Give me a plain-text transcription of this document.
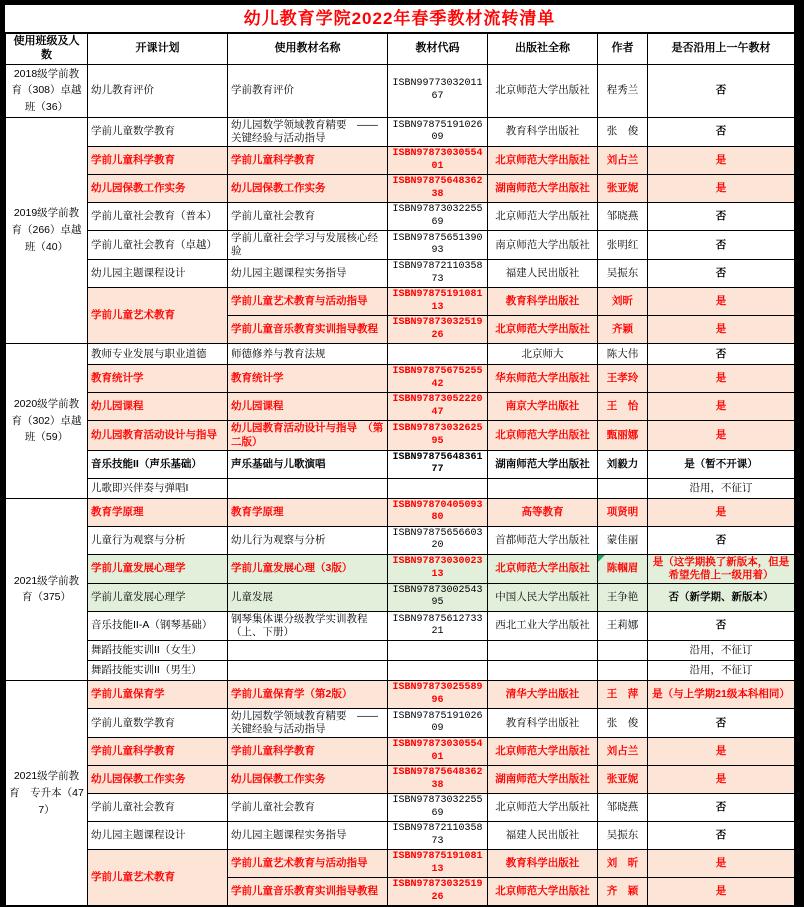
幼儿教育学院2022年春季教材流转清单
使用班级及人数	开课计划	使用教材名称	教材代码	出版社全称	作者	是否沿用上一午教材
2018级学前教育（308）卓越班（36）	幼儿教育评价	学前教育评价	ISBN9977303201167	北京师范大学出版社	程秀兰	否
2019级学前教育（266）卓越班（40）	学前儿童数学教育	幼儿园数学领域教育精要　——关键经验与活动指导	ISBN9787519102609	教育科学出版社	张　俊	否
	学前儿童科学教育	学前儿童科学教育	ISBN9787303055401	北京师范大学出版社	刘占兰	是
	幼儿园保教工作实务	幼儿园保教工作实务	ISBN9787564836238	湖南师范大学出版社	张亚妮	是
	学前儿童社会教育（普本）	学前儿童社会教育	ISBN9787303225569	北京师范大学出版社	邹晓燕	否
	学前儿童社会教育（卓越）	学前儿童社会学习与发展核心经验	ISBN9787565139093	南京师范大学出版社	张明红	否
	幼儿园主题课程设计	幼儿园主题课程实务指导	ISBN9787211035873	福建人民出版社	吴振东	否
	学前儿童艺术教育	学前儿童艺术教育与活动指导	ISBN9787519108113	教育科学出版社	刘昕	是
		学前儿童音乐教育实训指导教程	ISBN9787303251926	北京师范大学出版社	齐颖	是
2020级学前教育（302）卓越班（59）	教师专业发展与职业道德	师德修养与教育法规		北京师大	陈大伟	否
	教育统计学	教育统计学	ISBN9787567525542	华东师范大学出版社	王孝玲	是
	幼儿园课程	幼儿园课程	ISBN9787305222047	南京大学出版社	王　怡	是
	幼儿园教育活动设计与指导	幼儿园教育活动设计与指导　（第二版）	ISBN9787303262595	北京师范大学出版社	甄丽娜	是
	音乐技能II（声乐基础）	声乐基础与儿歌演唱	ISBN9787564836177	湖南师范大学出版社	刘毅力	是（暂不开课）
	儿歌即兴伴奏与弹唱I					沿用，不征订
2021级学前教育（375）	教育学原理	教育学原理	ISBN9787040509380	高等教育	项贤明	是
	儿童行为观察与分析	幼儿行为观察与分析	ISBN9787565660320	首都师范大学出版社	蒙佳丽	否
	学前儿童发展心理学	学前儿童发展心理（3版）	ISBN9787303002313	北京师范大学出版社	陈帼眉	是（这学期换了新版本，但是希望先借上一级用着）
	学前儿童发展心理学	儿童发展	ISBN9787300254395	中国人民大学出版社	王争艳	否（新学期、新版本）
	音乐技能II-A（钢琴基础）	钢琴集体课分级教学实训教程　（上、下册）	ISBN9787561273321	西北工业大学出版社	王莉娜	否
	舞蹈技能实训II（女生）					沿用，不征订
	舞蹈技能实训II（男生）					沿用，不征订
2021级学前教育　专升本（477）	学前儿童保育学	学前儿童保育学（第2版）	ISBN9787302558996	清华大学出版社	王　萍	是（与上学期21级本科相同）
	学前儿童数学教育	幼儿园数学领域教育精要　——关键经验与活动指导	ISBN9787519102609	教育科学出版社	张　俊	否
	学前儿童科学教育	学前儿童科学教育	ISBN9787303055401	北京师范大学出版社	刘占兰	是
	幼儿园保教工作实务	幼儿园保教工作实务	ISBN9787564836238	湖南师范大学出版社	张亚妮	是
	学前儿童社会教育	学前儿童社会教育	ISBN9787303225569	北京师范大学出版社	邹晓燕	否
	幼儿园主题课程设计	幼儿园主题课程实务指导	ISBN9787211035873	福建人民出版社	吴振东	否
	学前儿童艺术教育	学前儿童艺术教育与活动指导	ISBN9787519108113	教育科学出版社	刘　昕	是
		学前儿童音乐教育实训指导教程	ISBN9787303251926	北京师范大学出版社	齐　颖	是
